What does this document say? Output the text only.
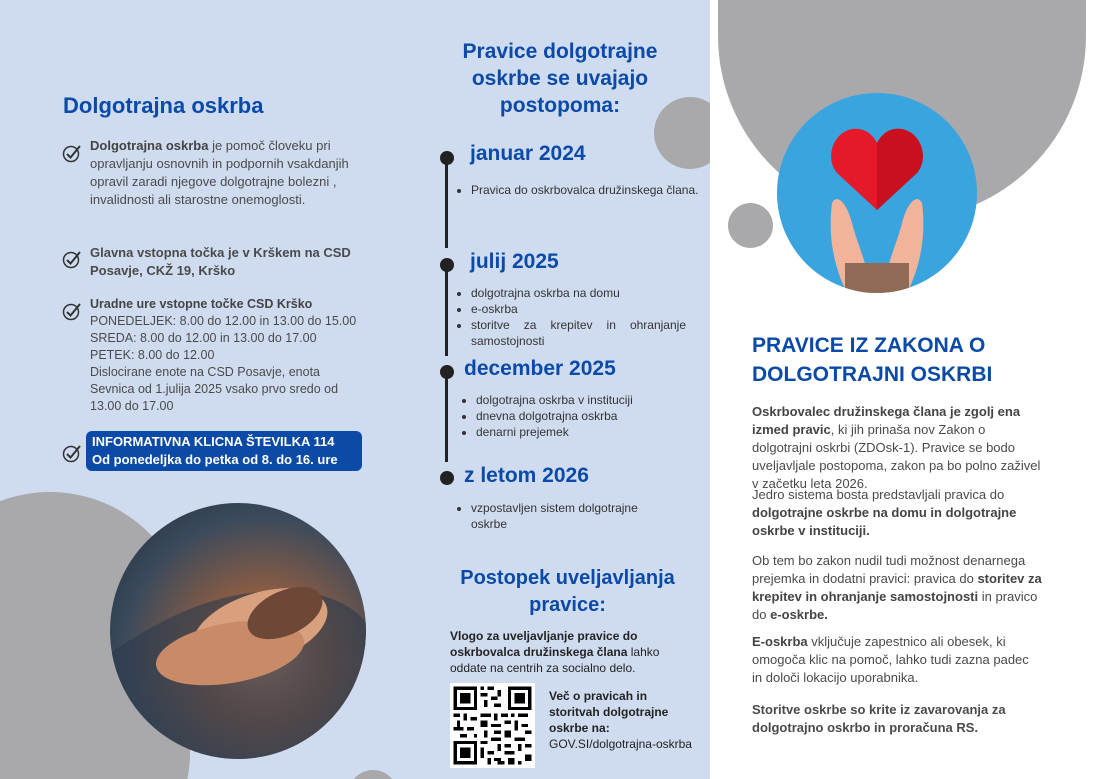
Dolgotrajna oskrba
Dolgotrajna oskrba je pomoč človeku pri opravljanju osnovnih in podpornih vsakdanjih opravil zaradi njegove dolgotrajne bolezni , invalidnosti ali starostne onemoglosti.
Glavna vstopna točka je v Krškem na CSD Posavje, CKŽ 19, Krško
Uradne ure vstopne točke CSD Krško
PONEDELJEK: 8.00 do 12.00 in 13.00 do 15.00
SREDA: 8.00 do 12.00 in 13.00 do 17.00
PETEK: 8.00 do 12.00
Dislocirane enote na CSD Posavje, enota
Sevnica od 1.julija 2025 vsako prvo sredo od
13.00 do 17.00
INFORMATIVNA KLICNA ŠTEVILKA 114
Od ponedeljka do petka od 8. do 16. ure
Pravice dolgotrajne oskrbe se uvajajo postopoma:
januar 2024
• Pravica do oskrbovalca družinskega člana.
julij 2025
• dolgotrajna oskrba na domu
• e-oskrba
• storitve za krepitev in ohranjanje samostojnosti
december 2025
• dolgotrajna oskrba v instituciji
• dnevna dolgotrajna oskrba
• denarni prejemek
z letom 2026
• vzpostavljen sistem dolgotrajne oskrbe
Postopek uveljavljanja pravice:
Vlogo za uveljavljanje pravice do oskrbovalca družinskega člana lahko oddate na centrih za socialno delo.
Več o pravicah in storitvah dolgotrajne oskrbe na:
GOV.SI/dolgotrajna-oskrba
PRAVICE IZ ZAKONA O DOLGOTRAJNI OSKRBI
Oskrbovalec družinskega člana je zgolj ena izmed pravic, ki jih prinaša nov Zakon o dolgotrajni oskrbi (ZDOsk-1). Pravice se bodo uveljavljale postopoma, zakon pa bo polno zaživel v začetku leta 2026.
Jedro sistema bosta predstavljali pravica do dolgotrajne oskrbe na domu in dolgotrajne oskrbe v instituciji.
Ob tem bo zakon nudil tudi možnost denarnega prejemka in dodatni pravici: pravica do storitev za krepitev in ohranjanje samostojnosti in pravico do e-oskrbe.
E-oskrba vključuje zapestnico ali obesek, ki omogoča klic na pomoč, lahko tudi zazna padec in določi lokacijo uporabnika.
Storitve oskrbe so krite iz zavarovanja za dolgotrajno oskrbo in proračuna RS.
